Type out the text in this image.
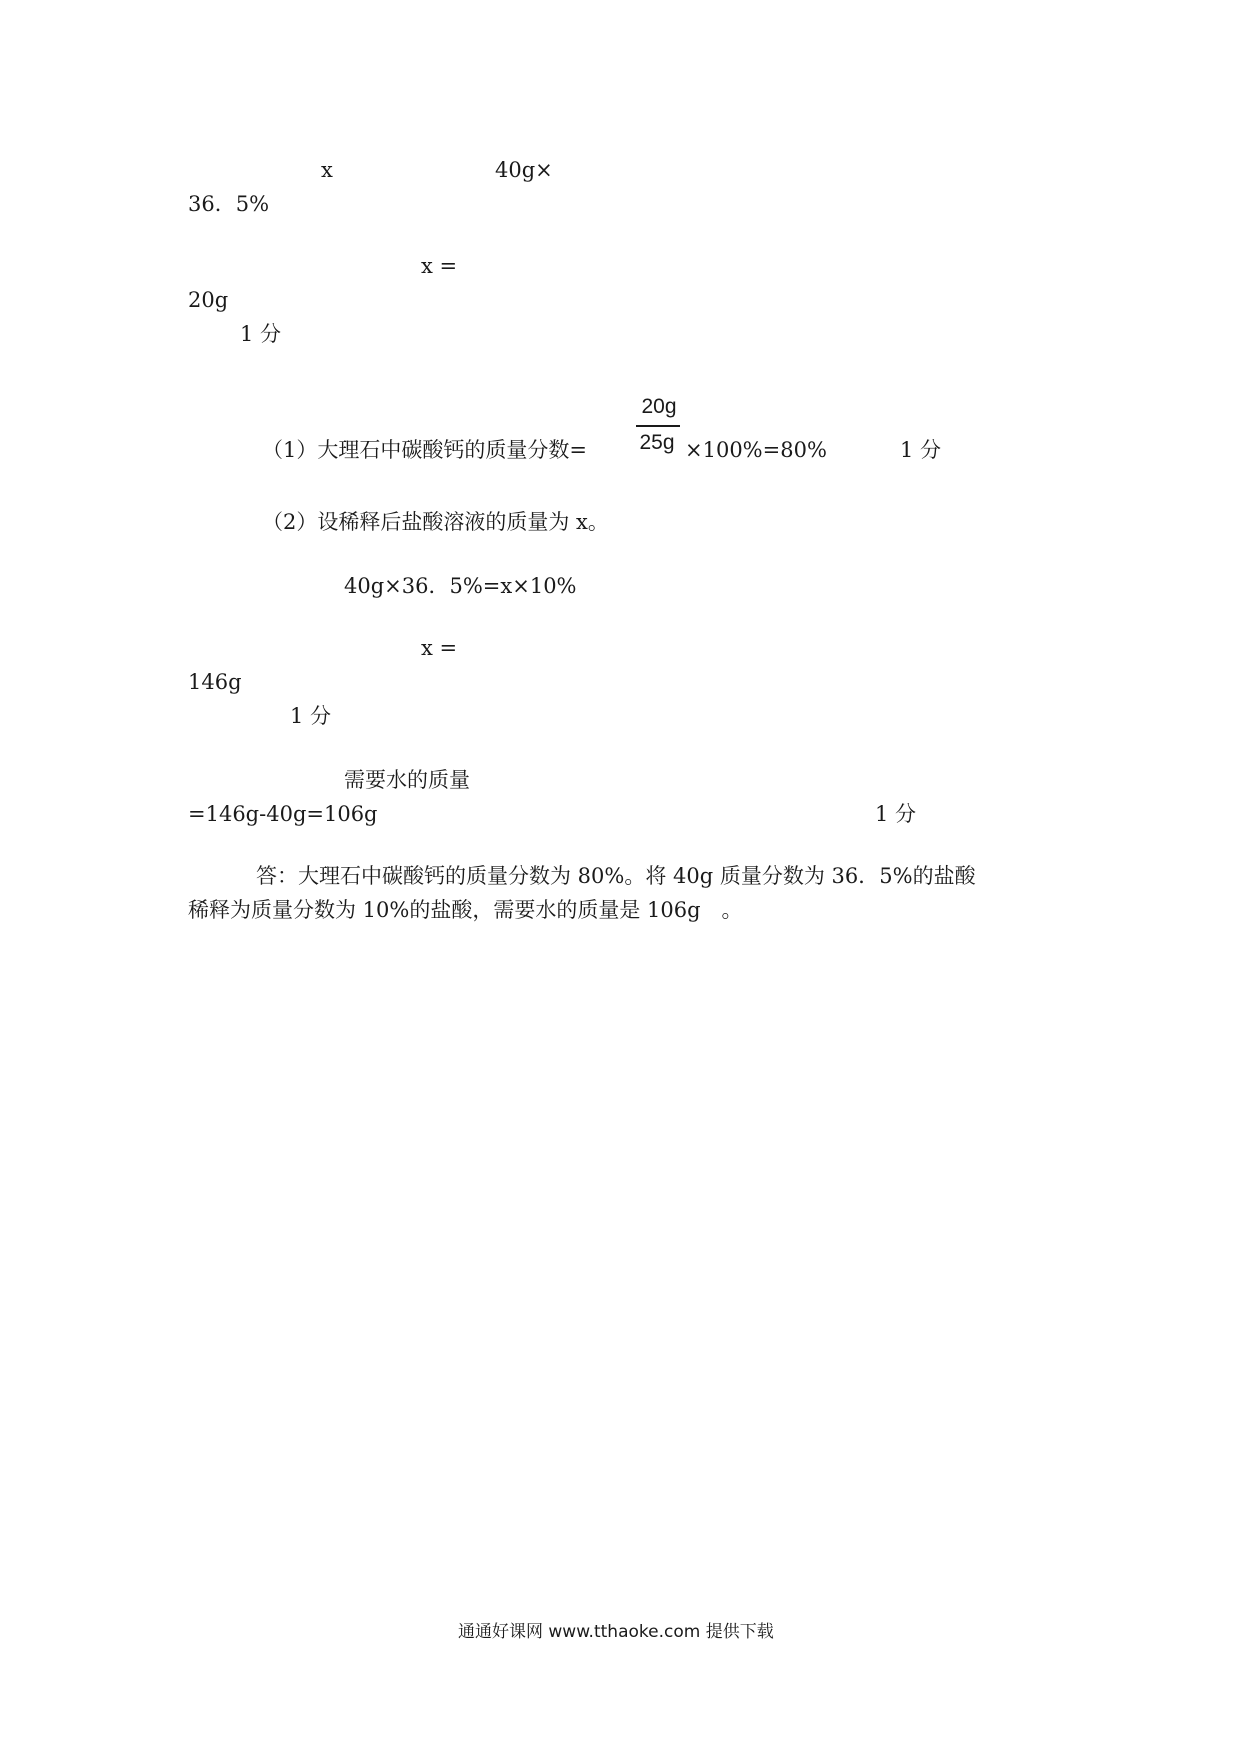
x	40g×
36．5%
x =
20g
1 分
20g
25g
（1）大理石中碳酸钙的质量分数=	×100%=80%	1 分
（2）设稀释后盐酸溶液的质量为 x。
40g×36．5%=x×10%
x =
146g
1 分
需要水的质量
=146g-40g=106g	1 分
答：大理石中碳酸钙的质量分数为 80%。将 40g 质量分数为 36．5%的盐酸
稀释为质量分数为 10%的盐酸，需要水的质量是 106g　。
通通好课网 www.tthaoke.com 提供下载
